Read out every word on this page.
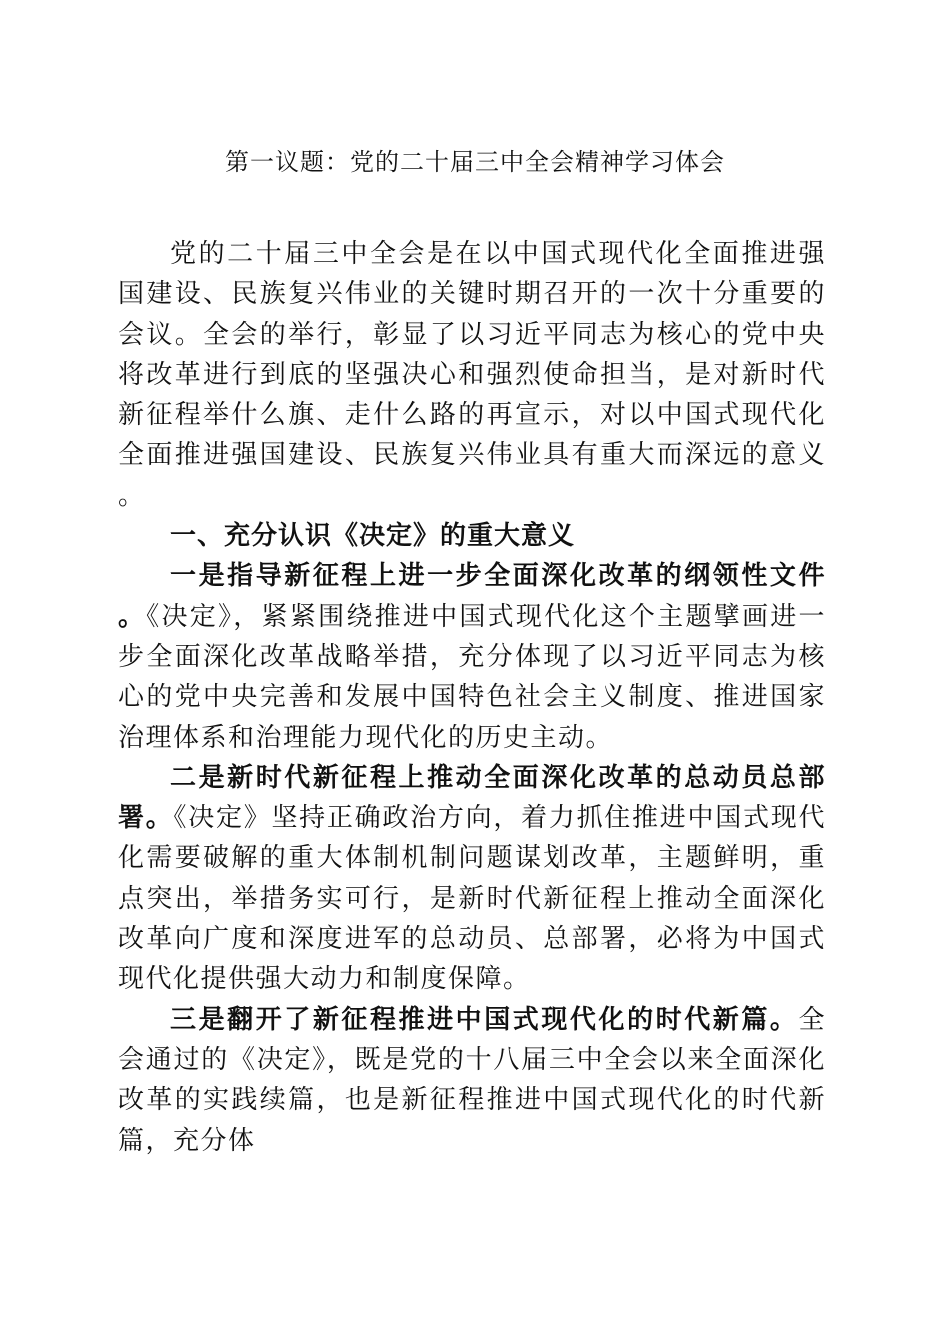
第一议题：党的二十届三中全会精神学习体会

党的二十届三中全会是在以中国式现代化全面推进强国建设、民族复兴伟业的关键时期召开的一次十分重要的会议。全会的举行，彰显了以习近平同志为核心的党中央将改革进行到底的坚强决心和强烈使命担当，是对新时代新征程举什么旗、走什么路的再宣示，对以中国式现代化全面推进强国建设、民族复兴伟业具有重大而深远的意义。

一、充分认识《决定》的重大意义

一是指导新征程上进一步全面深化改革的纲领性文件。《决定》，紧紧围绕推进中国式现代化这个主题擘画进一步全面深化改革战略举措，充分体现了以习近平同志为核心的党中央完善和发展中国特色社会主义制度、推进国家治理体系和治理能力现代化的历史主动。

二是新时代新征程上推动全面深化改革的总动员总部署。《决定》坚持正确政治方向，着力抓住推进中国式现代化需要破解的重大体制机制问题谋划改革，主题鲜明，重点突出，举措务实可行，是新时代新征程上推动全面深化改革向广度和深度进军的总动员、总部署，必将为中国式现代化提供强大动力和制度保障。

三是翻开了新征程推进中国式现代化的时代新篇。全会通过的《决定》，既是党的十八届三中全会以来全面深化改革的实践续篇，也是新征程推进中国式现代化的时代新篇，充分体
